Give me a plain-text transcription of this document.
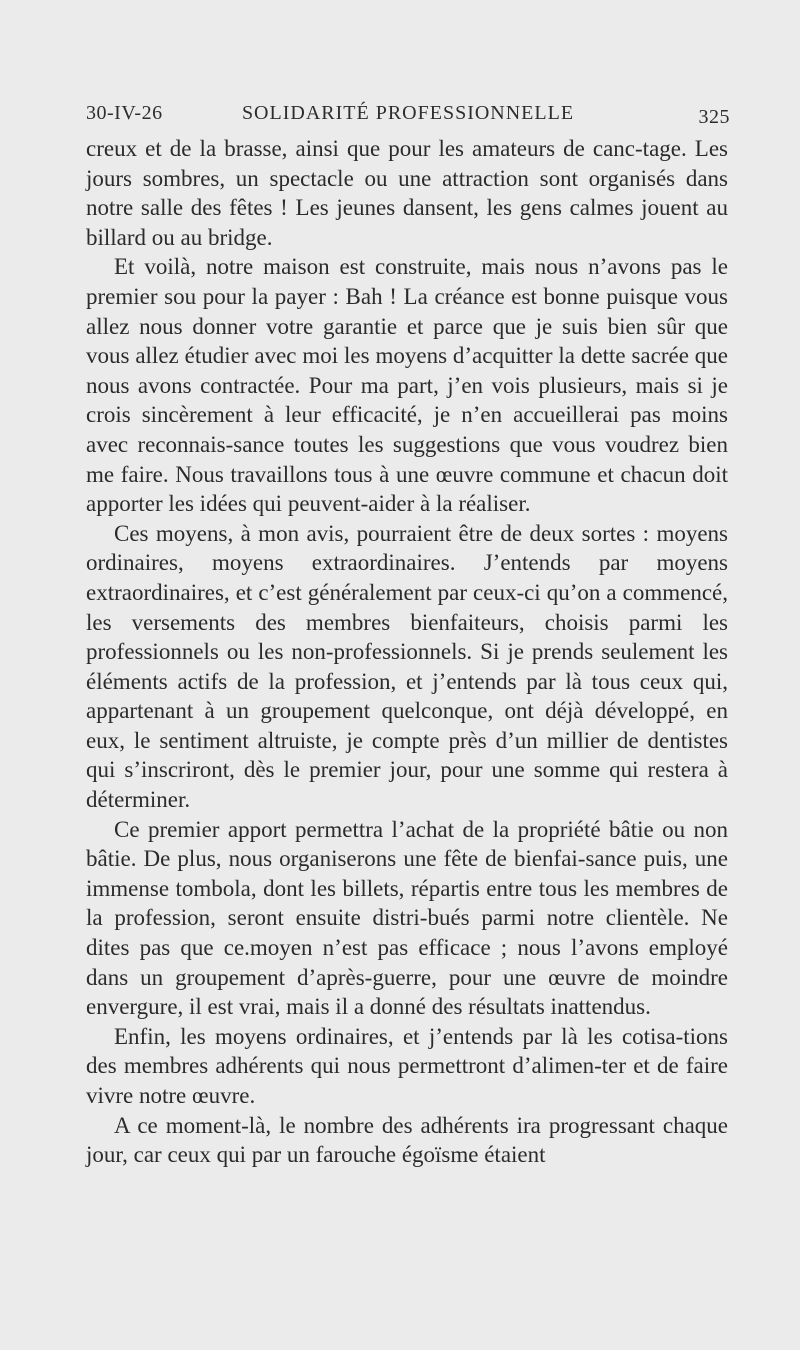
30-IV-26	SOLIDARITÉ PROFESSIONNELLE	325

creux et de la brasse, ainsi que pour les amateurs de canc-tage. Les jours sombres, un spectacle ou une attraction sont organisés dans notre salle des fêtes ! Les jeunes dansent, les gens calmes jouent au billard ou au bridge.

Et voilà, notre maison est construite, mais nous n’avons pas le premier sou pour la payer : Bah ! La créance est bonne puisque vous allez nous donner votre garantie et parce que je suis bien sûr que vous allez étudier avec moi les moyens d’acquitter la dette sacrée que nous avons contractée. Pour ma part, j’en vois plusieurs, mais si je crois sincèrement à leur efficacité, je n’en accueillerai pas moins avec reconnais-sance toutes les suggestions que vous voudrez bien me faire. Nous travaillons tous à une œuvre commune et chacun doit apporter les idées qui peuvent-aider à la réaliser.

Ces moyens, à mon avis, pourraient être de deux sortes : moyens ordinaires, moyens extraordinaires. J’entends par moyens extraordinaires, et c’est généralement par ceux-ci qu’on a commencé, les versements des membres bienfaiteurs, choisis parmi les professionnels ou les non-professionnels. Si je prends seulement les éléments actifs de la profession, et j’entends par là tous ceux qui, appartenant à un groupement quelconque, ont déjà développé, en eux, le sentiment altruiste, je compte près d’un millier de dentistes qui s’inscriront, dès le premier jour, pour une somme qui restera à déterminer.

Ce premier apport permettra l’achat de la propriété bâtie ou non bâtie. De plus, nous organiserons une fête de bienfai-sance puis, une immense tombola, dont les billets, répartis entre tous les membres de la profession, seront ensuite distri-bués parmi notre clientèle. Ne dites pas que ce.moyen n’est pas efficace ; nous l’avons employé dans un groupement d’après-guerre, pour une œuvre de moindre envergure, il est vrai, mais il a donné des résultats inattendus.

Enfin, les moyens ordinaires, et j’entends par là les cotisa-tions des membres adhérents qui nous permettront d’alimen-ter et de faire vivre notre œuvre.

A ce moment-là, le nombre des adhérents ira progressant chaque jour, car ceux qui par un farouche égoïsme étaient
